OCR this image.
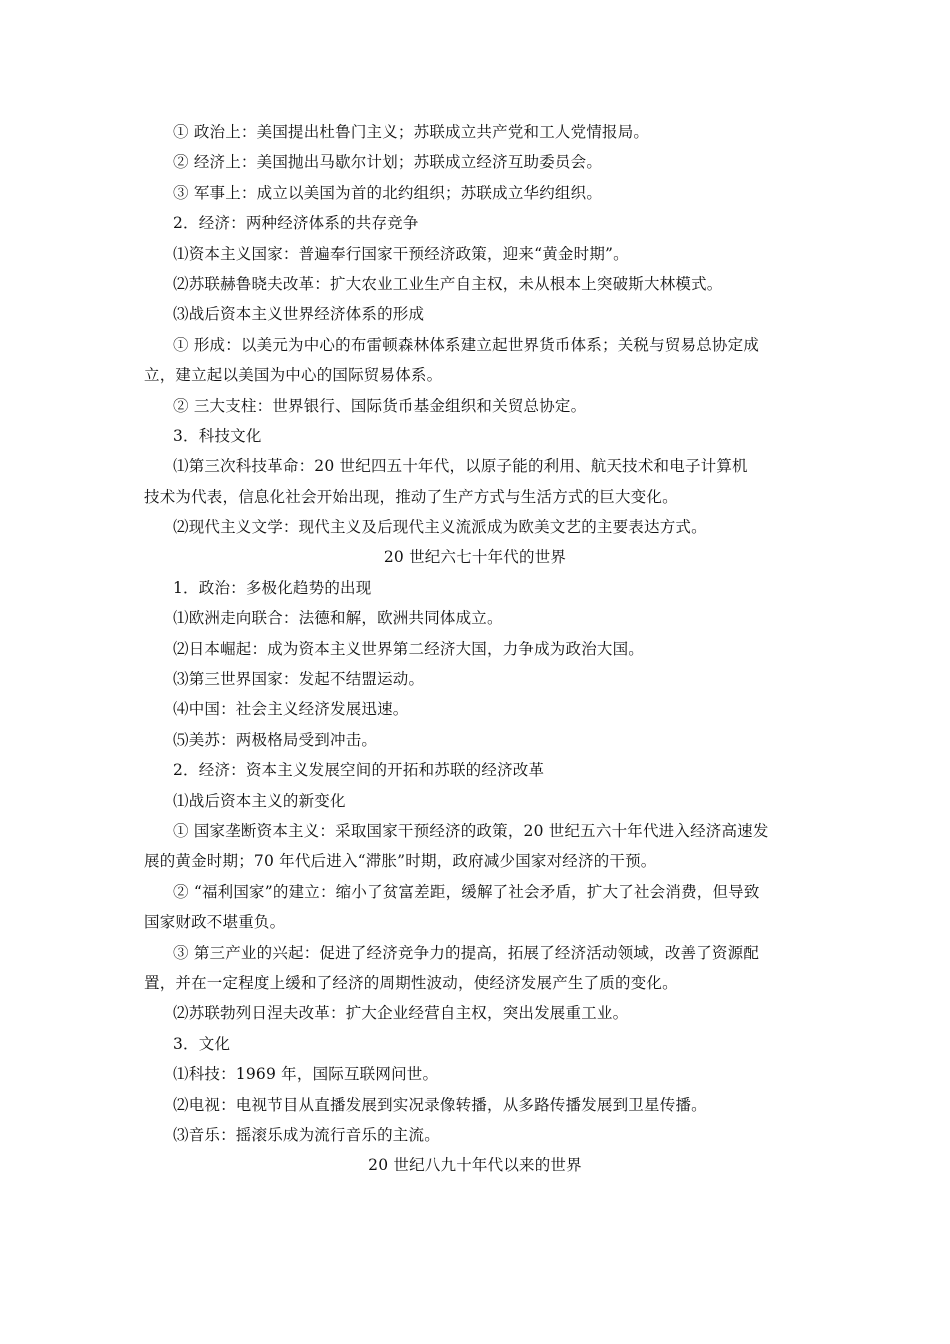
① 政治上：美国提出杜鲁门主义；苏联成立共产党和工人党情报局。
② 经济上：美国抛出马歇尔计划；苏联成立经济互助委员会。
③ 军事上：成立以美国为首的北约组织；苏联成立华约组织。
2．经济：两种经济体系的共存竞争
⑴资本主义国家：普遍奉行国家干预经济政策，迎来“黄金时期”。
⑵苏联赫鲁晓夫改革：扩大农业工业生产自主权，未从根本上突破斯大林模式。
⑶战后资本主义世界经济体系的形成
① 形成：以美元为中心的布雷顿森林体系建立起世界货币体系；关税与贸易总协定成
立，建立起以美国为中心的国际贸易体系。
② 三大支柱：世界银行、国际货币基金组织和关贸总协定。
3．科技文化
⑴第三次科技革命：20 世纪四五十年代，以原子能的利用、航天技术和电子计算机
技术为代表，信息化社会开始出现，推动了生产方式与生活方式的巨大变化。
⑵现代主义文学：现代主义及后现代主义流派成为欧美文艺的主要表达方式。
20 世纪六七十年代的世界
1．政治：多极化趋势的出现
⑴欧洲走向联合：法德和解，欧洲共同体成立。
⑵日本崛起：成为资本主义世界第二经济大国，力争成为政治大国。
⑶第三世界国家：发起不结盟运动。
⑷中国：社会主义经济发展迅速。
⑸美苏：两极格局受到冲击。
2．经济：资本主义发展空间的开拓和苏联的经济改革
⑴战后资本主义的新变化
① 国家垄断资本主义：采取国家干预经济的政策，20 世纪五六十年代进入经济高速发
展的黄金时期；70 年代后进入“滞胀”时期，政府减少国家对经济的干预。
② “福利国家”的建立：缩小了贫富差距，缓解了社会矛盾，扩大了社会消费，但导致
国家财政不堪重负。
③ 第三产业的兴起：促进了经济竞争力的提高，拓展了经济活动领域，改善了资源配
置，并在一定程度上缓和了经济的周期性波动，使经济发展产生了质的变化。
⑵苏联勃列日涅夫改革：扩大企业经营自主权，突出发展重工业。
3．文化
⑴科技：1969 年，国际互联网问世。
⑵电视：电视节目从直播发展到实况录像转播，从多路传播发展到卫星传播。
⑶音乐：摇滚乐成为流行音乐的主流。
20 世纪八九十年代以来的世界
